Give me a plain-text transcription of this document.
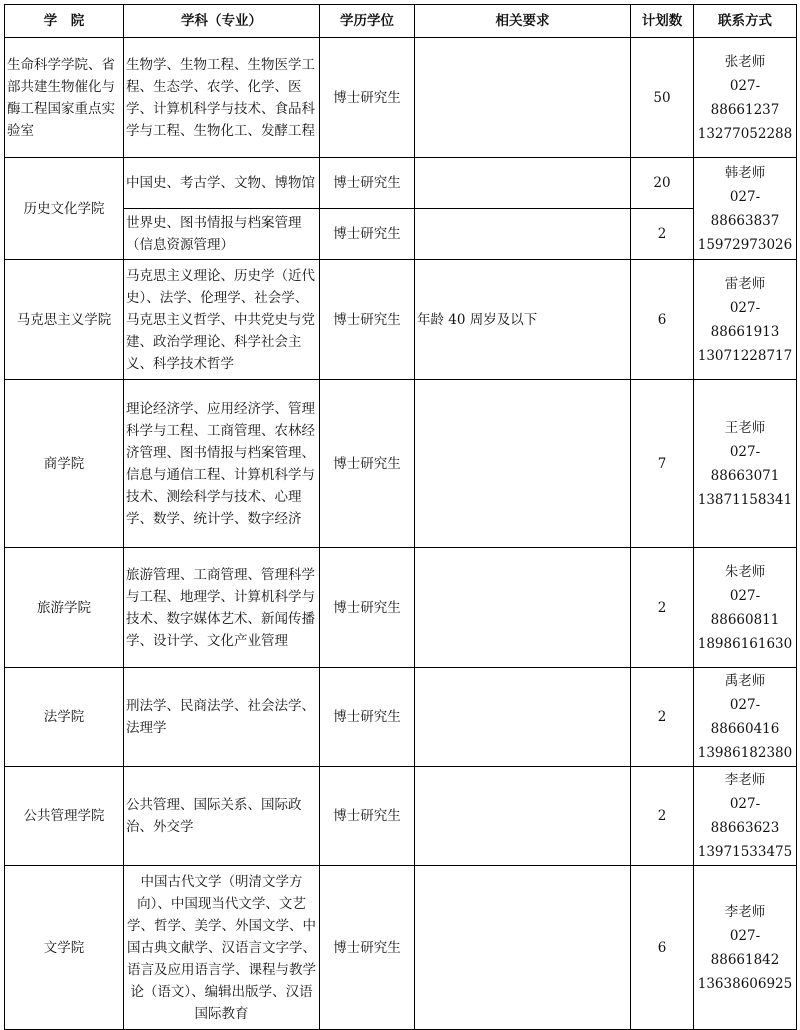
学　院	学科（专业）	学历学位	相关要求	计划数	联系方式
生命科学学院、省部共建生物催化与酶工程国家重点实验室	生物学、生物工程、生物医学工程、生态学、农学、化学、医学、计算机科学与技术、食品科学与工程、生物化工、发酵工程	博士研究生		50	张老师
027-88661237
13277052288

历史文化学院	中国史、考古学、文物、博物馆	博士研究生		20	韩老师
027-88663837
15972973026

	世界史、图书情报与档案管理（信息资源管理）	博士研究生		2	
马克思主义学院	马克思主义理论、历史学（近代史）、法学、伦理学、社会学、马克思主义哲学、中共党史与党建、政治学理论、科学社会主义、科学技术哲学	博士研究生	年龄 40 周岁及以下	6	雷老师
027-88661913
13071228717

商学院	理论经济学、应用经济学、管理科学与工程、工商管理、农林经济管理、图书情报与档案管理、信息与通信工程、计算机科学与技术、测绘科学与技术、心理学、数学、统计学、数字经济	博士研究生		7	王老师
027-88663071
13871158341

旅游学院	旅游管理、工商管理、管理科学与工程、地理学、计算机科学与技术、数字媒体艺术、新闻传播学、设计学、文化产业管理	博士研究生		2	朱老师
027-88660811
18986161630

法学院	刑法学、民商法学、社会法学、法理学	博士研究生		2	禹老师
027-88660416
13986182380

公共管理学院	公共管理、国际关系、国际政治、外交学	博士研究生		2	李老师
027-88663623
13971533475

文学院	中国古代文学（明清文学方向）、中国现当代文学、文艺学、哲学、美学、外国文学、中国古典文献学、汉语言文字学、语言及应用语言学、课程与教学论（语文）、编辑出版学、汉语国际教育	博士研究生		6	李老师
027-88661842
13638606925
